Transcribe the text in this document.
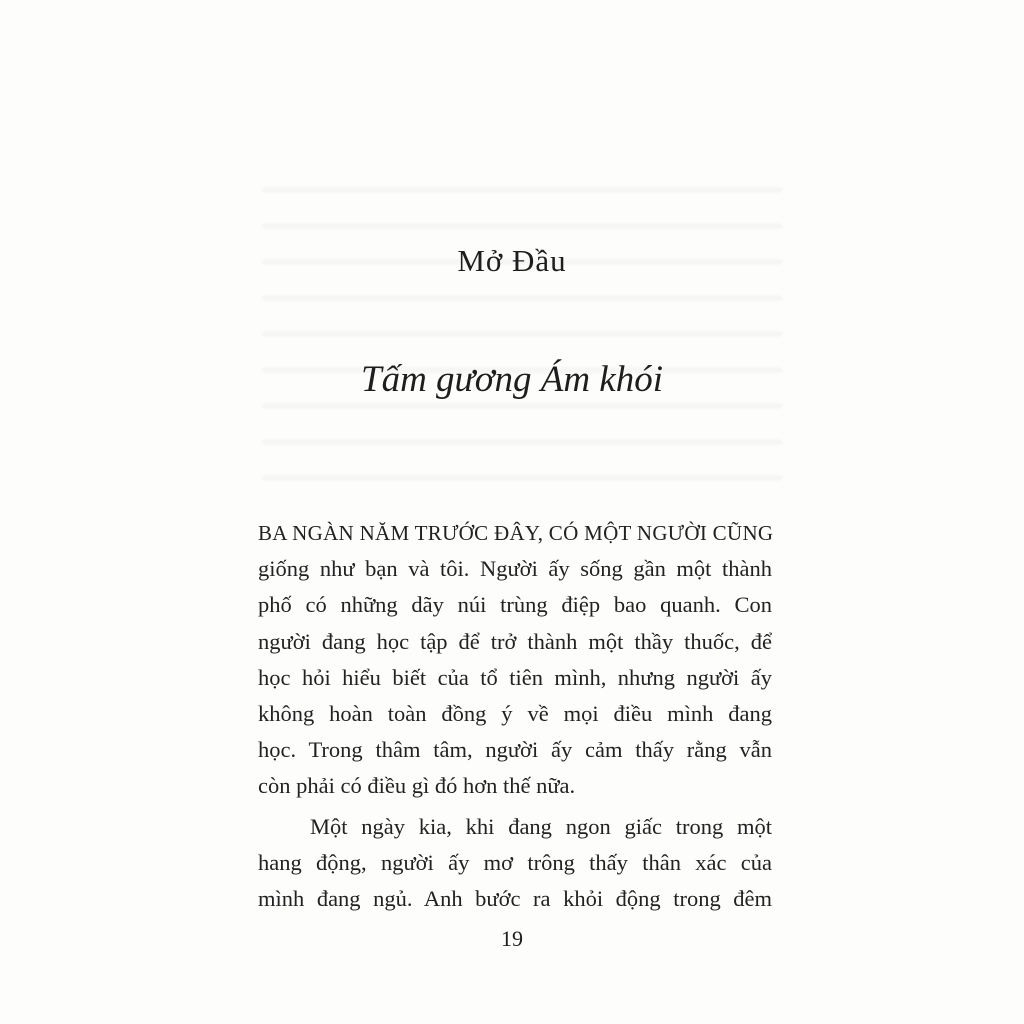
Mở Đầu
Tấm gương Ám khói
BA NGÀN NĂM TRƯỚC ĐÂY, CÓ MỘT NGƯỜI CŨNG
giống như bạn và tôi. Người ấy sống gần một thành
phố có những dãy núi trùng điệp bao quanh. Con
người đang học tập để trở thành một thầy thuốc, để
học hỏi hiểu biết của tổ tiên mình, nhưng người ấy
không hoàn toàn đồng ý về mọi điều mình đang
học. Trong thâm tâm, người ấy cảm thấy rằng vẫn
còn phải có điều gì đó hơn thế nữa.
Một ngày kia, khi đang ngon giấc trong một
hang động, người ấy mơ trông thấy thân xác của
mình đang ngủ. Anh bước ra khỏi động trong đêm
19
